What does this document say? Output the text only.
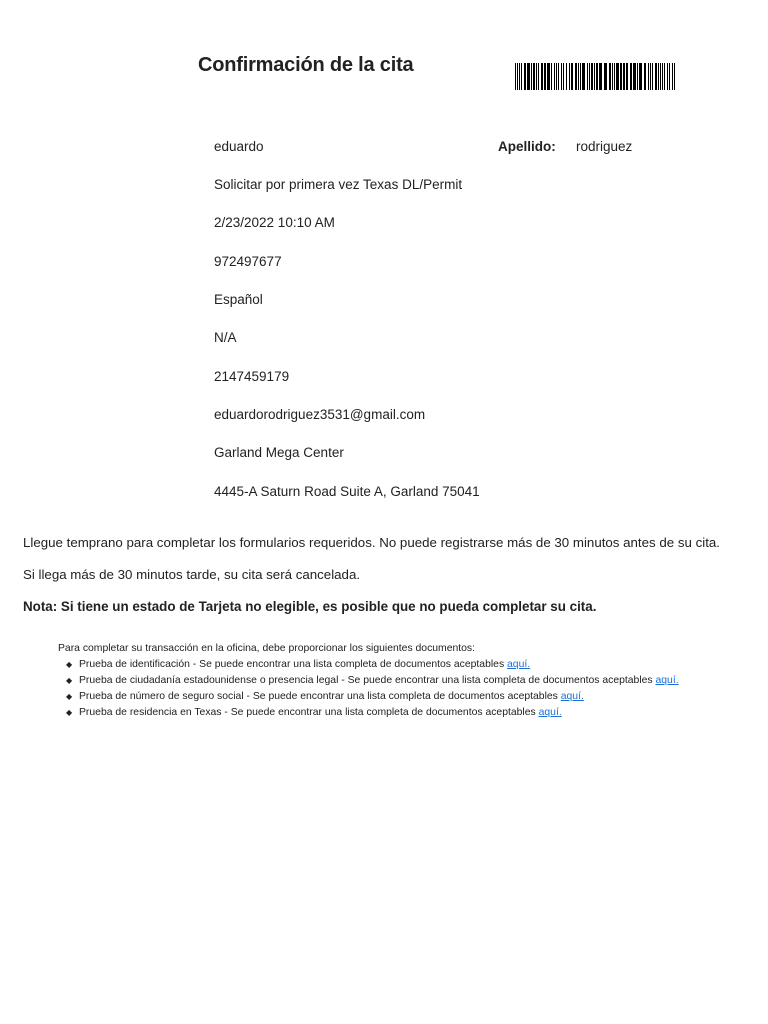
Confirmación de la cita
eduardo	Apellido: rodriguez
Solicitar por primera vez Texas DL/Permit
2/23/2022 10:10 AM
972497677
Español
N/A
2147459179
eduardorodriguez3531@gmail.com
Garland Mega Center
4445-A Saturn Road Suite A, Garland 75041
Llegue temprano para completar los formularios requeridos. No puede registrarse más de 30 minutos antes de su cita.
Si llega más de 30 minutos tarde, su cita será cancelada.
Nota: Si tiene un estado de Tarjeta no elegible, es posible que no pueda completar su cita.
Para completar su transacción en la oficina, debe proporcionar los siguientes documentos:
◆ Prueba de identificación - Se puede encontrar una lista completa de documentos aceptables aquí.
◆ Prueba de ciudadanía estadounidense o presencia legal - Se puede encontrar una lista completa de documentos aceptables aquí.
◆ Prueba de número de seguro social - Se puede encontrar una lista completa de documentos aceptables aquí.
◆ Prueba de residencia en Texas - Se puede encontrar una lista completa de documentos aceptables aquí.
